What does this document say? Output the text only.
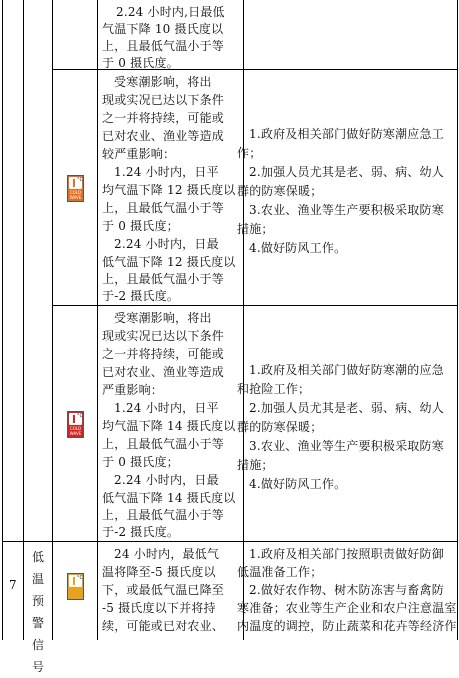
2.24 小时内,日最低
气温下降 10 摄氏度以
上，且最低气温小于等
于 0 摄氏度。
°C
COLD WAVE
受寒潮影响，将出
现或实况已达以下条件
之一并将持续，可能或
已对农业、渔业等造成
较严重影响：
1.24 小时内，日平
均气温下降 12 摄氏度以
上，且最低气温小于等
于 0 摄氏度；
2.24 小时内，日最
低气温下降 12 摄氏度以
上，且最低气温小于等
于-2 摄氏度。
1.政府及相关部门做好防寒潮应急工
作；
2.加强人员尤其是老、弱、病、幼人
群的防寒保暖；
3.农业、渔业等生产要积极采取防寒
措施；
4.做好防风工作。
°C
COLD WAVE
受寒潮影响，将出
现或实况已达以下条件
之一并将持续，可能或
已对农业、渔业等造成
严重影响：
1.24 小时内，日平
均气温下降 14 摄氏度以
上，且最低气温小于等
于 0 摄氏度；
2.24 小时内，日最
低气温下降 14 摄氏度以
上，且最低气温小于等
于-2 摄氏度。
1.政府及相关部门做好防寒潮的应急
和抢险工作；
2.加强人员尤其是老、弱、病、幼人
群的防寒保暖；
3.农业、渔业等生产要积极采取防寒
措施；
4.做好防风工作。
7
低
温
预
警
信
号
°C
24 小时内，最低气
温将降至-5 摄氏度以
下，或最低气温已降至
-5 摄氏度以下并将持
续，可能或已对农业、
1.政府及相关部门按照职责做好防御
低温准备工作；
2.做好农作物、树木防冻害与畜禽防
寒准备；农业等生产企业和农户注意温室
内温度的调控，防止蔬菜和花卉等经济作
